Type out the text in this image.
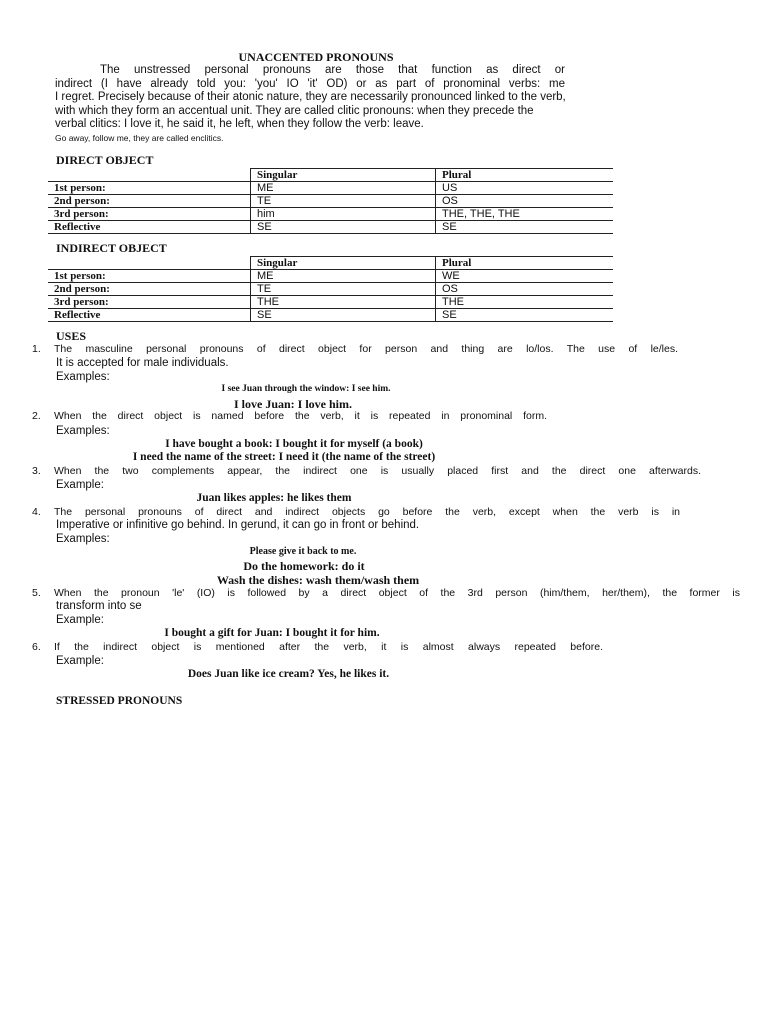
UNACCENTED PRONOUNS
The unstressed personal pronouns are those that function as direct or
indirect (I have already told you: 'you' IO 'it' OD) or as part of pronominal verbs: me
I regret. Precisely because of their atonic nature, they are necessarily pronounced linked to the verb,
with which they form an accentual unit. They are called clitic pronouns: when they precede the
verbal clitics: I love it, he said it, he left, when they follow the verb: leave.
Go away, follow me, they are called enclitics.
DIRECT OBJECT
	Singular	Plural
1st person:	ME	US
2nd person:	TE	OS
3rd person:	him	THE, THE, THE
Reflective	SE	SE
INDIRECT OBJECT
	Singular	Plural
1st person:	ME	WE
2nd person:	TE	OS
3rd person:	THE	THE
Reflective	SE	SE
USES
1. The masculine personal pronouns of direct object for person and thing are lo/los. The use of le/les.
It is accepted for male individuals.
Examples:
I see Juan through the window: I see him.
I love Juan: I love him.
2. When the direct object is named before the verb, it is repeated in pronominal form.
Examples:
I have bought a book: I bought it for myself (a book)
I need the name of the street: I need it (the name of the street)
3. When the two complements appear, the indirect one is usually placed first and the direct one afterwards.
Example:
Juan likes apples: he likes them
4. The personal pronouns of direct and indirect objects go before the verb, except when the verb is in
Imperative or infinitive go behind. In gerund, it can go in front or behind.
Examples:
Please give it back to me.
Do the homework: do it
Wash the dishes: wash them/wash them
5. When the pronoun 'le' (IO) is followed by a direct object of the 3rd person (him/them, her/them), the former is
transform into se
Example:
I bought a gift for Juan: I bought it for him.
6. If the indirect object is mentioned after the verb, it is almost always repeated before.
Example:
Does Juan like ice cream? Yes, he likes it.
STRESSED PRONOUNS
